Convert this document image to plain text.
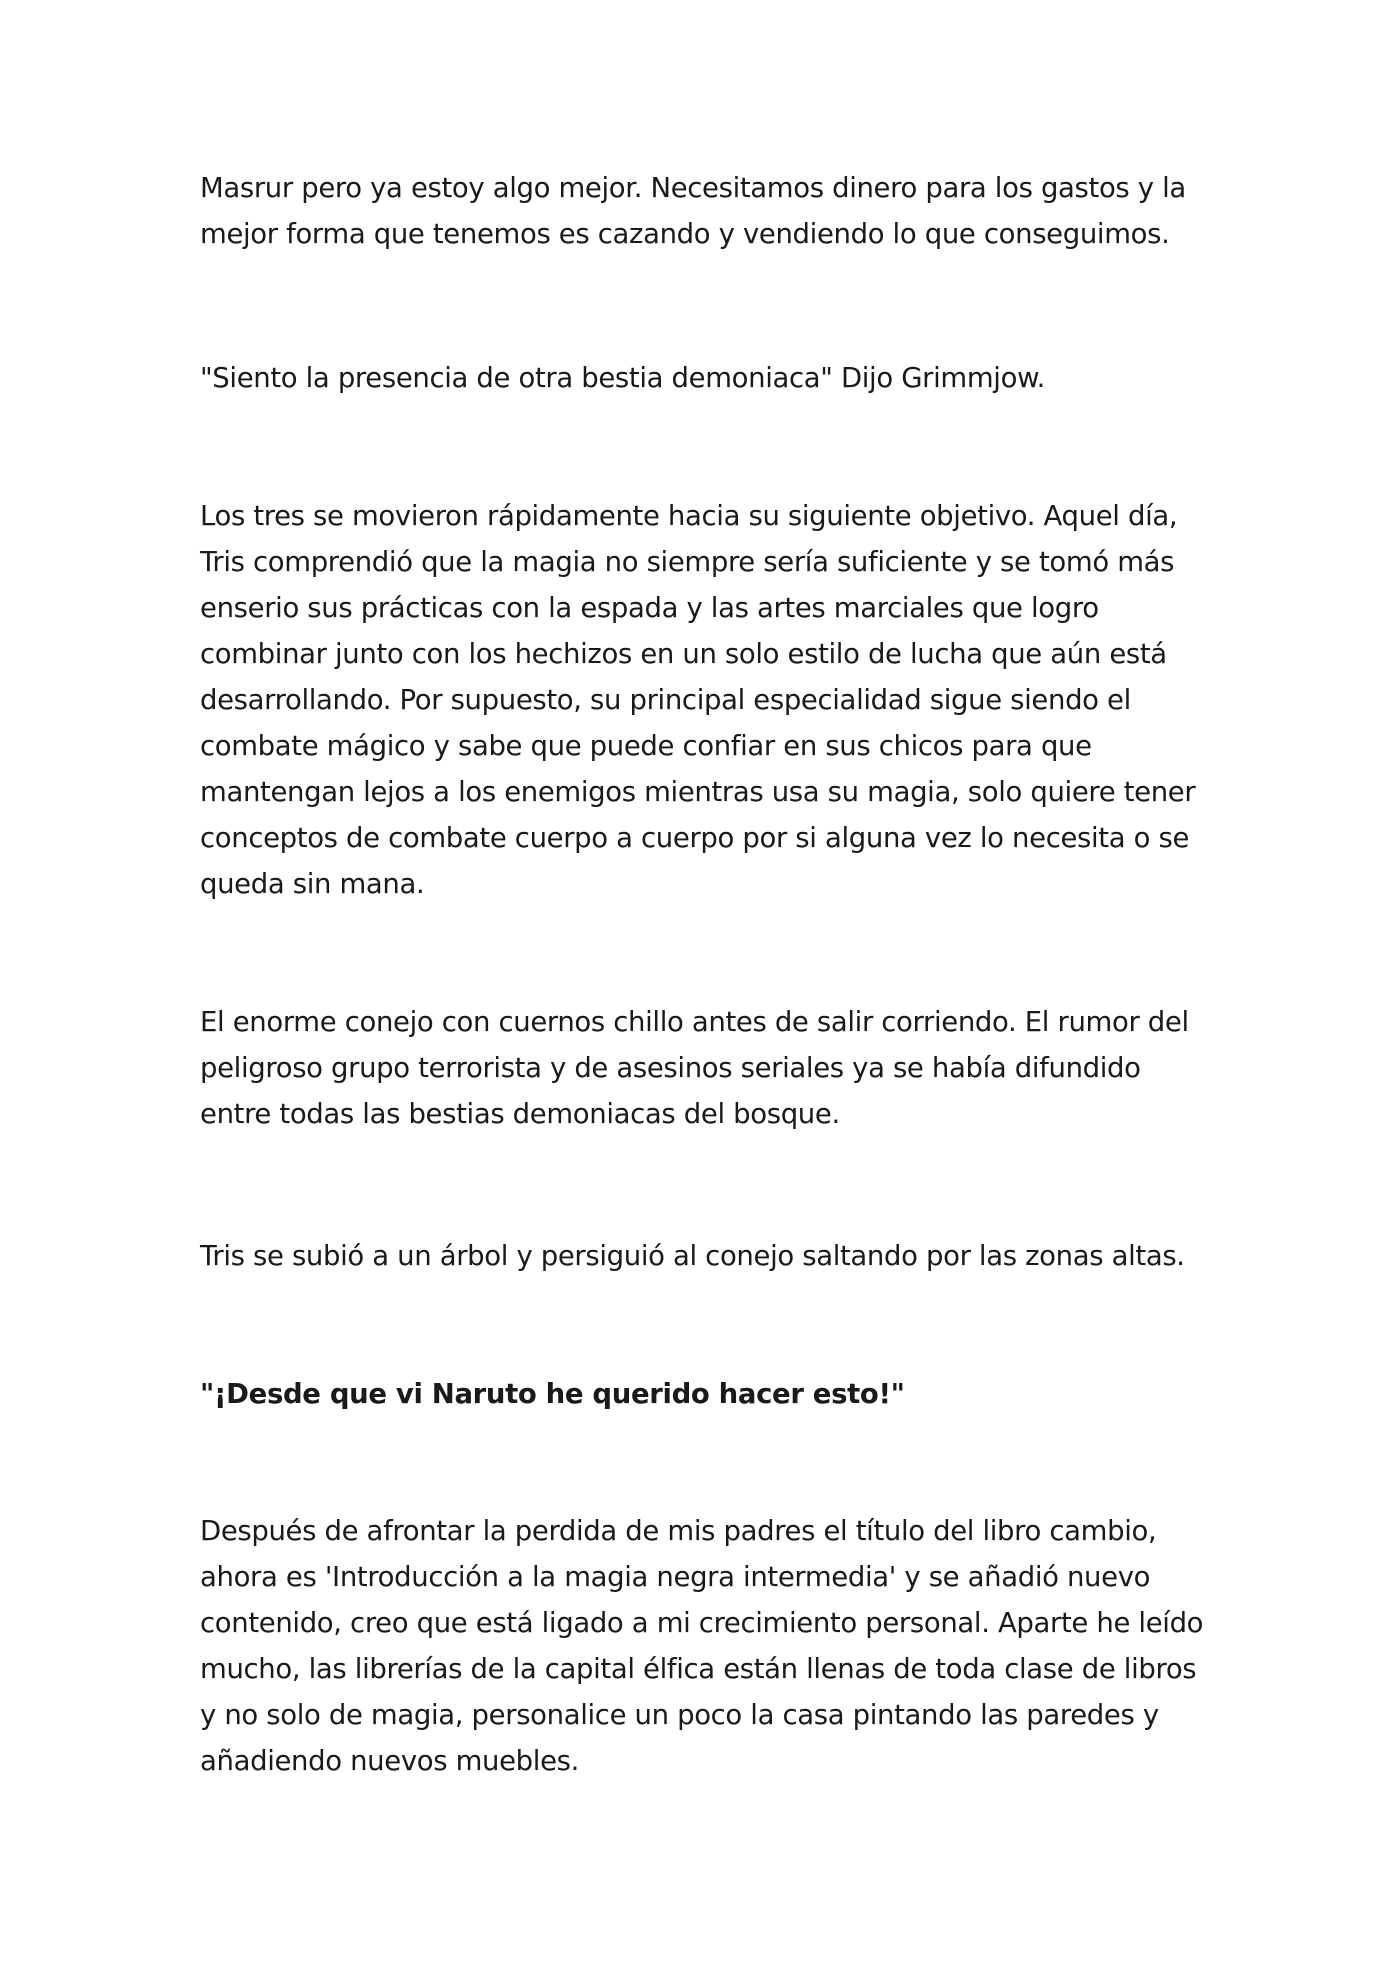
Masrur pero ya estoy algo mejor. Necesitamos dinero para los gastos y la mejor forma que tenemos es cazando y vendiendo lo que conseguimos.

"Siento la presencia de otra bestia demoniaca" Dijo Grimmjow.

Los tres se movieron rápidamente hacia su siguiente objetivo. Aquel día, Tris comprendió que la magia no siempre sería suficiente y se tomó más enserio sus prácticas con la espada y las artes marciales que logro combinar junto con los hechizos en un solo estilo de lucha que aún está desarrollando. Por supuesto, su principal especialidad sigue siendo el combate mágico y sabe que puede confiar en sus chicos para que mantengan lejos a los enemigos mientras usa su magia, solo quiere tener conceptos de combate cuerpo a cuerpo por si alguna vez lo necesita o se queda sin mana.

El enorme conejo con cuernos chillo antes de salir corriendo. El rumor del peligroso grupo terrorista y de asesinos seriales ya se había difundido entre todas las bestias demoniacas del bosque.

Tris se subió a un árbol y persiguió al conejo saltando por las zonas altas.

"¡Desde que vi Naruto he querido hacer esto!"

Después de afrontar la perdida de mis padres el título del libro cambio, ahora es 'Introducción a la magia negra intermedia' y se añadió nuevo contenido, creo que está ligado a mi crecimiento personal. Aparte he leído mucho, las librerías de la capital élfica están llenas de toda clase de libros y no solo de magia, personalice un poco la casa pintando las paredes y añadiendo nuevos muebles.
